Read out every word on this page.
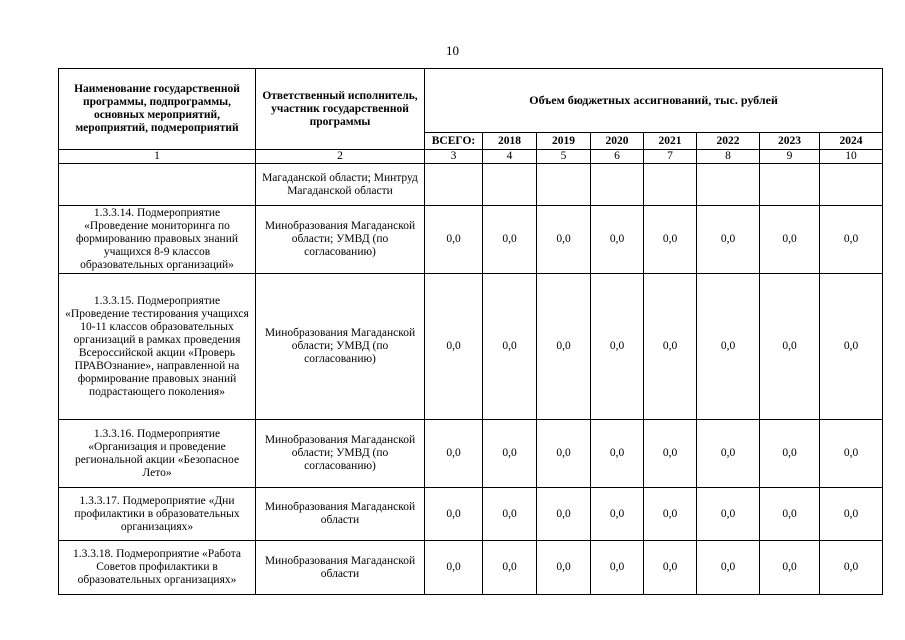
10
Наименование государственной программы, подпрограммы, основных мероприятий, мероприятий, подмероприятий	Ответственный исполнитель, участник государственной программы	Объем бюджетных ассигнований, тыс. рублей							
		ВСЕГО:	2018	2019	2020	2021	2022	2023	2024
1	2	3	4	5	6	7	8	9	10
	Магаданской области; Минтруд Магаданской области								
1.3.3.14. Подмероприятие «Проведение мониторинга по формированию правовых знаний учащихся 8-9 классов образовательных организаций»	Минобразования Магаданской области; УМВД (по согласованию)	0,0	0,0	0,0	0,0	0,0	0,0	0,0	0,0
1.3.3.15. Подмероприятие «Проведение тестирования учащихся 10-11 классов образовательных организаций в рамках проведения Всероссийской акции «Проверь ПРАВОзнание», направленной на формирование правовых знаний подрастающего поколения»	Минобразования Магаданской области; УМВД (по согласованию)	0,0	0,0	0,0	0,0	0,0	0,0	0,0	0,0
1.3.3.16. Подмероприятие «Организация и проведение региональной акции «Безопасное Лето»	Минобразования Магаданской области; УМВД (по согласованию)	0,0	0,0	0,0	0,0	0,0	0,0	0,0	0,0
1.3.3.17. Подмероприятие «Дни профилактики в образовательных организациях»	Минобразования Магаданской области	0,0	0,0	0,0	0,0	0,0	0,0	0,0	0,0
1.3.3.18. Подмероприятие «Работа Советов профилактики в образовательных организациях»	Минобразования Магаданской области	0,0	0,0	0,0	0,0	0,0	0,0	0,0	0,0
